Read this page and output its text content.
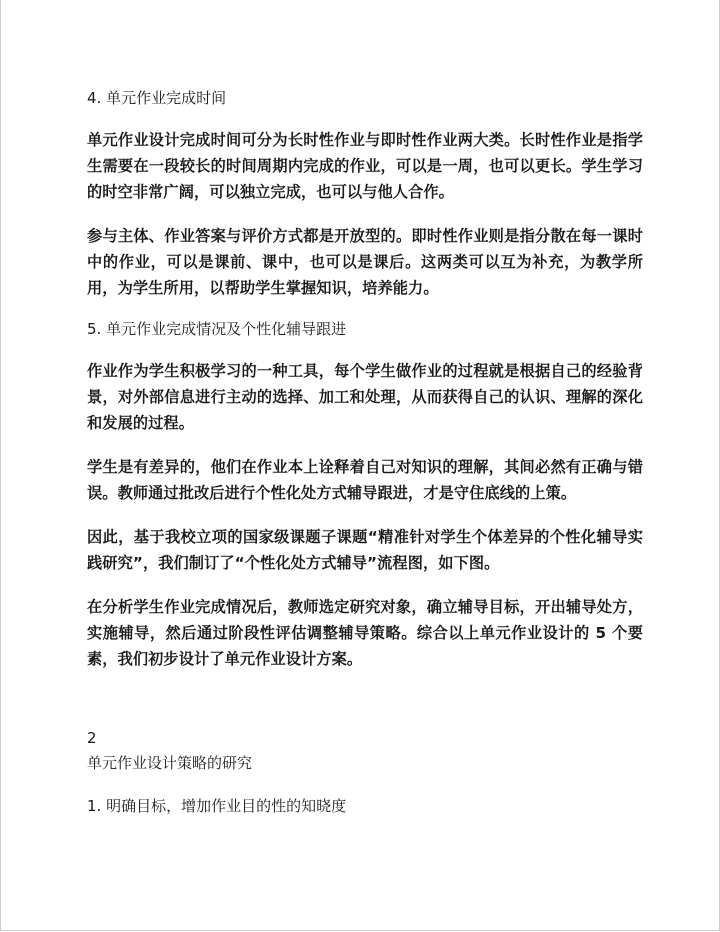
4. 单元作业完成时间

单元作业设计完成时间可分为长时性作业与即时性作业两大类。长时性作业是指学生需要在一段较长的时间周期内完成的作业，可以是一周，也可以更长。学生学习的时空非常广阔，可以独立完成，也可以与他人合作。

参与主体、作业答案与评价方式都是开放型的。即时性作业则是指分散在每一课时中的作业，可以是课前、课中，也可以是课后。这两类可以互为补充，为教学所用，为学生所用，以帮助学生掌握知识，培养能力。

5. 单元作业完成情况及个性化辅导跟进

作业作为学生积极学习的一种工具，每个学生做作业的过程就是根据自己的经验背景，对外部信息进行主动的选择、加工和处理，从而获得自己的认识、理解的深化和发展的过程。

学生是有差异的，他们在作业本上诠释着自己对知识的理解，其间必然有正确与错误。教师通过批改后进行个性化处方式辅导跟进，才是守住底线的上策。

因此，基于我校立项的国家级课题子课题“精准针对学生个体差异的个性化辅导实践研究”，我们制订了“个性化处方式辅导”流程图，如下图。

在分析学生作业完成情况后，教师选定研究对象，确立辅导目标，开出辅导处方，实施辅导，然后通过阶段性评估调整辅导策略。综合以上单元作业设计的 5 个要素，我们初步设计了单元作业设计方案。

2
单元作业设计策略的研究
1. 明确目标，增加作业目的性的知晓度
